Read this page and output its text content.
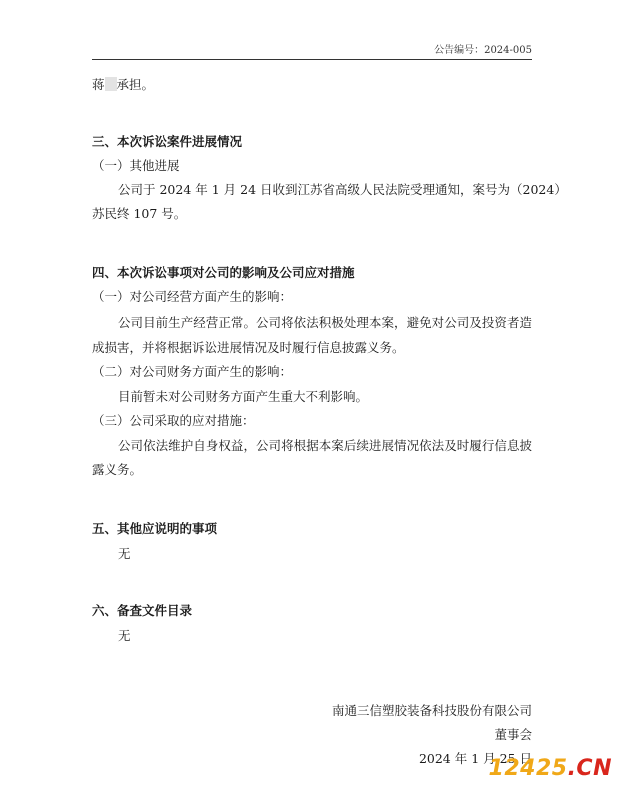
公告编号：2024-005
蒋 承担。
三、本次诉讼案件进展情况
（一）其他进展
公司于 2024 年 1 月 24 日收到江苏省高级人民法院受理通知，案号为（2024）
苏民终 107 号。
四、本次诉讼事项对公司的影响及公司应对措施
（一）对公司经营方面产生的影响：
公司目前生产经营正常。公司将依法积极处理本案，避免对公司及投资者造
成损害，并将根据诉讼进展情况及时履行信息披露义务。
（二）对公司财务方面产生的影响：
目前暂未对公司财务方面产生重大不利影响。
（三）公司采取的应对措施：
公司依法维护自身权益，公司将根据本案后续进展情况依法及时履行信息披
露义务。
五、其他应说明的事项
无
六、备查文件目录
无
南通三信塑胶装备科技股份有限公司
董事会
2024 年 1 月 25 日
12425.CN
